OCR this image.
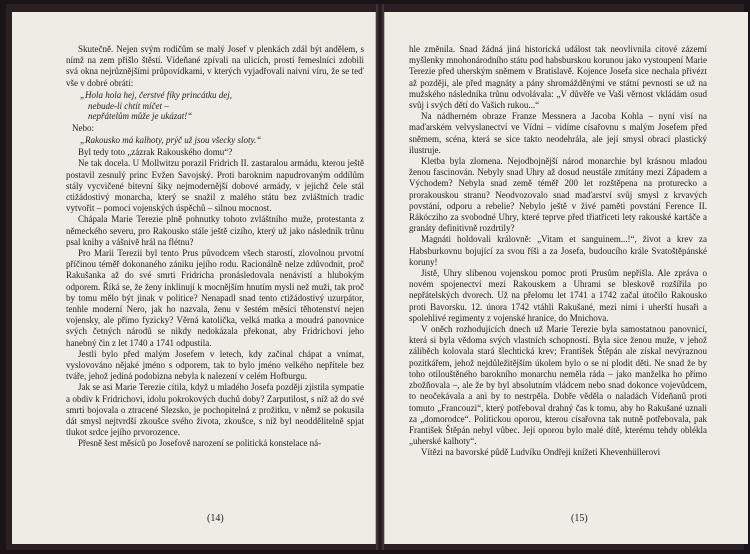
Skutečně. Nejen svým rodičům se malý Josef v plenkách zdál být andělem, s nímž na zem přišlo štěstí. Vídeňané zpívali na ulicích, prostí řemeslníci zdobili svá okna nejrůznějšími průpovídkami, v kterých vyjadřovali naivní víru, že se teď vše v dobré obrátí:

„Hola hola hej, čerstvé fíky princátku dej,
nebude-li chtít míčet –
nepřátelům může je ukázat!“
Nebo:
„Rakousko má kalhoty, prýč už jsou všecky sloty.“

Byl tedy toto „zázrak Rakouského domu“?

Ne tak docela. U Mollwitzu porazil Fridrich II. zastaralou armádu, kterou ještě postavil zesnulý princ Evžen Savojský. Proti baroknim napudrovaným oddílům stály vycvičené bitevní šiky nejmodernější dobové armády, v jejichž čele stál ctižádostivý monarcha, který se snažil z malého státu bez zvláštních tradic vytvořit – pomocí vojenských úspěchů – silnou mocnost.

Chápala Marie Terezie plně pohnutky tohoto zvláštního muže, protestanta z německého severu, pro Rakousko stále ještě cizího, který už jako následník trůnu psal knihy a vášnivě hrál na flétnu?

Pro Marii Terezii byl tento Prus původcem všech starostí, zlovolnou prvotní příčinou téměř dokonaného zániku jejího rodu. Racionálně nelze zdůvodnit, proč Rakušanka až do své smrti Fridricha pronásledovala nenávistí a hlubokým odporem. Říká se, že ženy inklinují k mocnějším hnutím mysli než muži, tak proč by tomu mělo být jinak v politice? Nenapadl snad tento ctižádostivý uzurpátor, tenhle moderní Nero, jak ho nazvala, ženu v šestém měsíci těhotenství nejen vojensky, ale přímo fyzicky? Věrná katolička, velká matka a moudrá panovnice svých četných národů se nikdy nedokázala překonat, aby Fridrichovi jeho hanebný čin z let 1740 a 1741 odpustila.

Jestli bylo před malým Josefem v letech, kdy začínal chápat a vnímat, vyslovováno nějaké jméno s odporem, tak to bylo jméno velkého nepřítele bez tváře, jehož jediná podobizna nebyla k nalezení v celém Hofburgu.

Jak se asi Marie Terezie cítila, když u mladého Josefa později zjistila sympatie a obdiv k Fridrichovi, idolu pokrokových duchů doby? Zarputilost, s níž až do své smrti bojovala o ztracené Slezsko, je pochopitelná z prožitku, v němž se pokusila dát smysl nejtvrdší zkoušce svého života, zkoušce, s níž byl neoddělitelně spjat tlukot srdce jejího prvorozence.

Přesně šest měsíců po Josefově narození se politická konstelace ná-

(14)

hle změnila. Snad žádná jiná historická událost tak neovlivnila citové zázemí myšlenky mnohonárodního státu pod habsburskou korunou jako vystoupení Marie Terezie před uherským sněmem v Bratislavě. Kojence Josefa sice nechala přivézt až později, ale před magnáty a pány shromážděnými ve státní pevnosti se už na mužského následníka trůnu odvolávala: „V důvěře ve Vaši věrnost vkládám osud svůj i svých dětí do Vašich rukou...“

Na nádherném obraze Franze Messnera a Jacoba Kohla – nyní visí na maďarském velvyslanectví ve Vídni – vidíme císařovnu s malým Josefem před sněmem, scéna, která se sice takto neodehrála, ale její smysl obrací plastický ilustruje.

Kletba byla zlomena. Nejodbojnější národ monarchie byl krásnou mladou ženou fascinován. Nebyly snad Uhry až dosud neustále zmítány mezi Západem a Východem? Nebyla snad země téměř 200 let rozštěpena na proturecko a prorakouskou stranu? Neodvozovalo snad maďarství svůj smysl z krvavých povstání, odporu a rebelie? Nebylo ještě v živé paměti povstání Ference II. Rákócziho za svobodné Uhry, které teprve před třiatřiceti lety rakouské kartáče a granáty definitivně rozdrtily?

Magnáti holdovali královně: „Vitam et sanguinem...!“, život a krev za Habsburkovnu bojující za svou říši a za Josefa, budoucího krále Svatoštěpánské koruny!

Jistě, Uhry slíbenou vojenskou pomoc proti Prusům nepřišla. Ale zpráva o novém spojenectví mezi Rakouskem a Uhrami se bleskově rozšířila po nepřátelských dvorech. Už na přelomu let 1741 a 1742 začal útočilo Rakousko proti Bavorsku. 12. února 1742 vtáhli Rakušané, mezi nimi i uherští husaři a spolehlivé regimenty z vojenské hranice, do Mnichova.

V oněch rozhodujících dnech už Marie Terezie byla samostatnou panovnicí, která si byla vědoma svých vlastních schopností. Byla sice ženou muže, v jehož záliběch kolovala stará šlechtická krev; František Štěpán ale získal nevýraznou pozitkářem, jehož nejdůležitějším úkolem bylo o se ni plodit děti. Ne snad že by toho otilouštěného barokního monarchu neměla ráda – jako manželka ho přímo zbožňovala –, ale že by byl absolutním vládcem nebo snad dokonce vojevůdcem, to neočekávala a ani by to nestrpěla. Dobře vědělа o naladách Vídeňanů proti tomuto „Francouzi“, který potřeboval drahný čas k tomu, aby ho Rakušané uznali za „domorodce“. Politickou oporou, kterou císařovna tak nutně potřebovala, pak František Štěpán nebyl vůbec. Její oporou bylo malé dítě, kterému tehdy oblékla „uherské kalhoty“.

Vítězi na bavorské půdě Ludvíku Ondřeji knížeti Khevenhüllerovi

(15)
